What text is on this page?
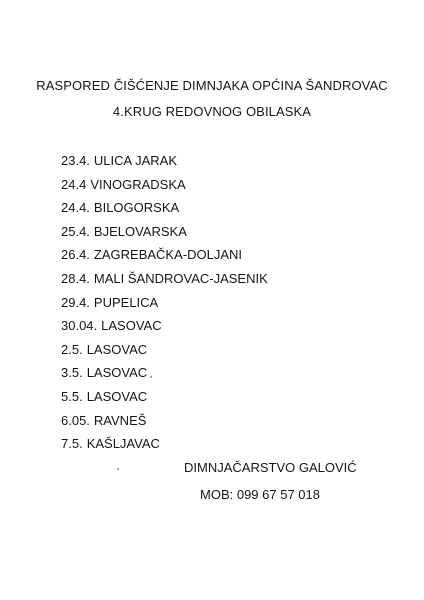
RASPORED ČIŠĆENJE DIMNJAKA OPĆINA ŠANDROVAC
4.KRUG REDOVNOG OBILASKA
23.4. ULICA JARAK
24.4 VINOGRADSKA
24.4. BILOGORSKA
25.4. BJELOVARSKA
26.4. ZAGREBAČKA-DOLJANI
28.4. MALI ŠANDROVAC-JASENIK
29.4. PUPELICA
30.04. LASOVAC
2.5. LASOVAC
3.5. LASOVAC
5.5. LASOVAC
6.05. RAVNEŠ
7.5. KAŠLJAVAC
DIMNJAČARSTVO GALOVIĆ
MOB: 099 67 57 018
